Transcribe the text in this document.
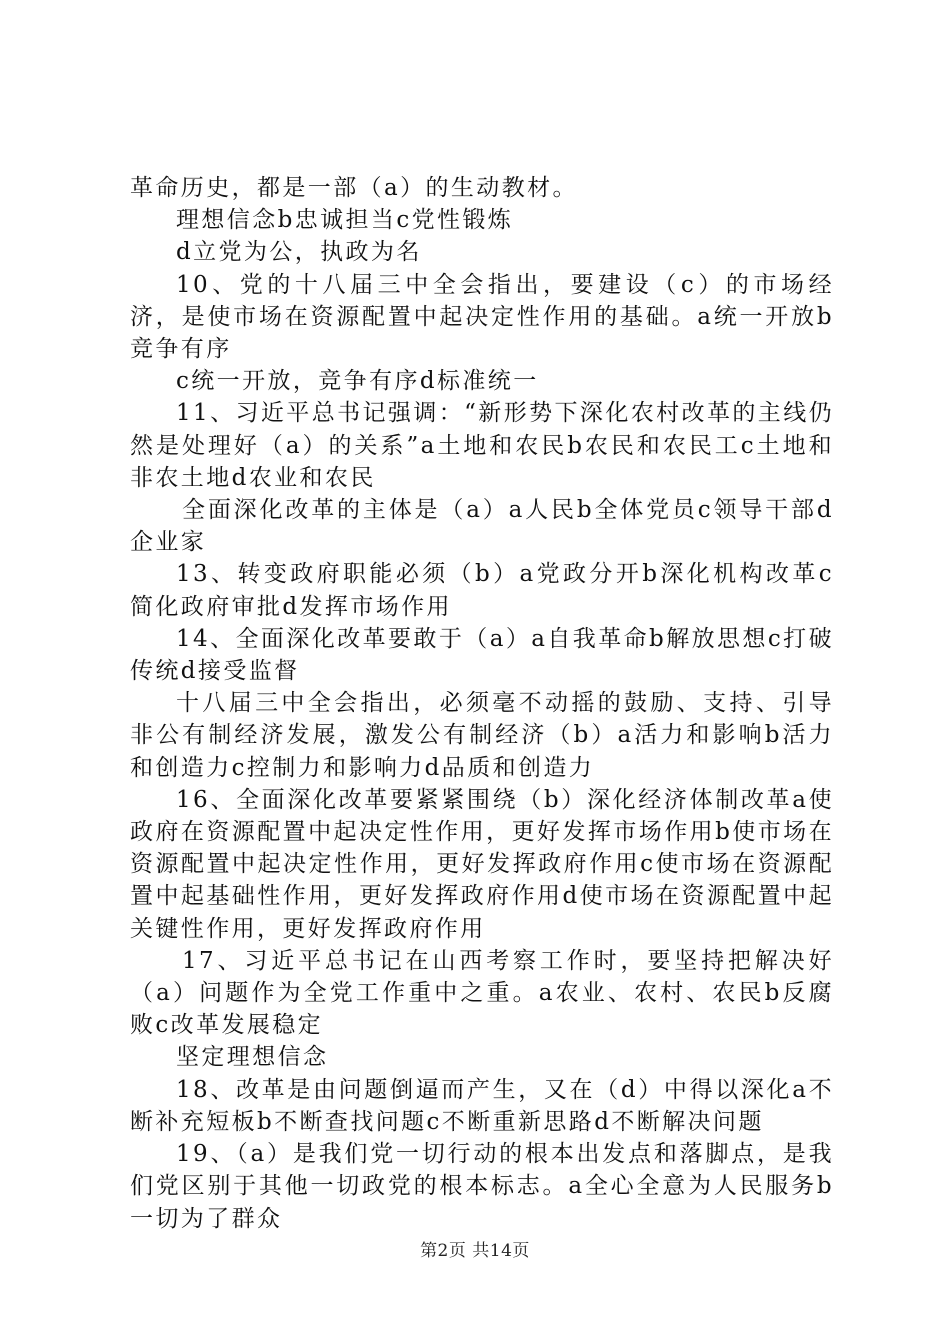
革命历史，都是一部（a）的生动教材。

理想信念b忠诚担当c党性锻炼

d立党为公，执政为名

10、党的十八届三中全会指出，要建设（c）的市场经济，是使市场在资源配置中起决定性作用的基础。a统一开放b竞争有序

c统一开放，竞争有序d标准统一

11、习近平总书记强调：“新形势下深化农村改革的主线仍然是处理好（a）的关系”a土地和农民b农民和农民工c土地和非农土地d农业和农民

全面深化改革的主体是（a）a人民b全体党员c领导干部d企业家

13、转变政府职能必须（b）a党政分开b深化机构改革c简化政府审批d发挥市场作用

14、全面深化改革要敢于（a）a自我革命b解放思想c打破传统d接受监督

十八届三中全会指出，必须毫不动摇的鼓励、支持、引导非公有制经济发展，激发公有制经济（b）a活力和影响b活力和创造力c控制力和影响力d品质和创造力

16、全面深化改革要紧紧围绕（b）深化经济体制改革a使政府在资源配置中起决定性作用，更好发挥市场作用b使市场在资源配置中起决定性作用，更好发挥政府作用c使市场在资源配置中起基础性作用，更好发挥政府作用d使市场在资源配置中起关键性作用，更好发挥政府作用

17、习近平总书记在山西考察工作时，要坚持把解决好（a）问题作为全党工作重中之重。a农业、农村、农民b反腐败c改革发展稳定

坚定理想信念

18、改革是由问题倒逼而产生，又在（d）中得以深化a不断补充短板b不断查找问题c不断重新思路d不断解决问题

19、（a）是我们党一切行动的根本出发点和落脚点，是我们党区别于其他一切政党的根本标志。a全心全意为人民服务b一切为了群众

第2页 共14页
